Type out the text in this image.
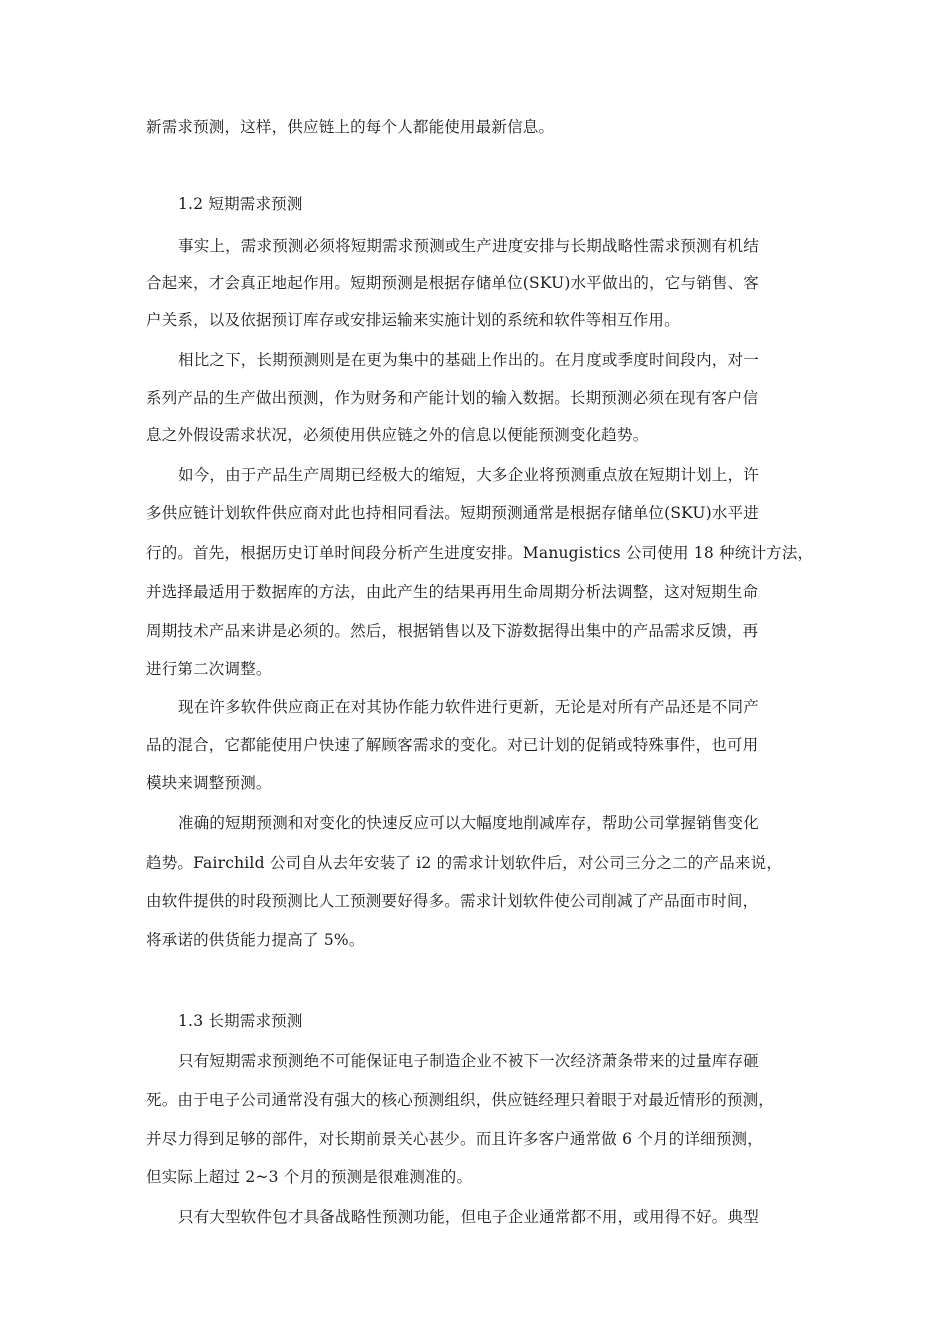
新需求预测，这样，供应链上的每个人都能使用最新信息。
1.2 短期需求预测
事实上，需求预测必须将短期需求预测或生产进度安排与长期战略性需求预测有机结
合起来，才会真正地起作用。短期预测是根据存储单位(SKU)水平做出的，它与销售、客
户关系，以及依据预订库存或安排运输来实施计划的系统和软件等相互作用。
相比之下，长期预测则是在更为集中的基础上作出的。在月度或季度时间段内，对一
系列产品的生产做出预测，作为财务和产能计划的输入数据。长期预测必须在现有客户信
息之外假设需求状况，必须使用供应链之外的信息以便能预测变化趋势。
如今，由于产品生产周期已经极大的缩短，大多企业将预测重点放在短期计划上，许
多供应链计划软件供应商对此也持相同看法。短期预测通常是根据存储单位(SKU)水平进
行的。首先，根据历史订单时间段分析产生进度安排。Manugistics 公司使用 18 种统计方法，
并选择最适用于数据库的方法，由此产生的结果再用生命周期分析法调整，这对短期生命
周期技术产品来讲是必须的。然后，根据销售以及下游数据得出集中的产品需求反馈，再
进行第二次调整。
现在许多软件供应商正在对其协作能力软件进行更新，无论是对所有产品还是不同产
品的混合，它都能使用户快速了解顾客需求的变化。对已计划的促销或特殊事件，也可用
模块来调整预测。
准确的短期预测和对变化的快速反应可以大幅度地削减库存，帮助公司掌握销售变化
趋势。Fairchild 公司自从去年安装了 i2 的需求计划软件后，对公司三分之二的产品来说，
由软件提供的时段预测比人工预测要好得多。需求计划软件使公司削减了产品面市时间，
将承诺的供货能力提高了 5%。
1.3 长期需求预测
只有短期需求预测绝不可能保证电子制造企业不被下一次经济萧条带来的过量库存砸
死。由于电子公司通常没有强大的核心预测组织，供应链经理只着眼于对最近情形的预测，
并尽力得到足够的部件，对长期前景关心甚少。而且许多客户通常做 6 个月的详细预测，
但实际上超过 2~3 个月的预测是很难测准的。
只有大型软件包才具备战略性预测功能，但电子企业通常都不用，或用得不好。典型
